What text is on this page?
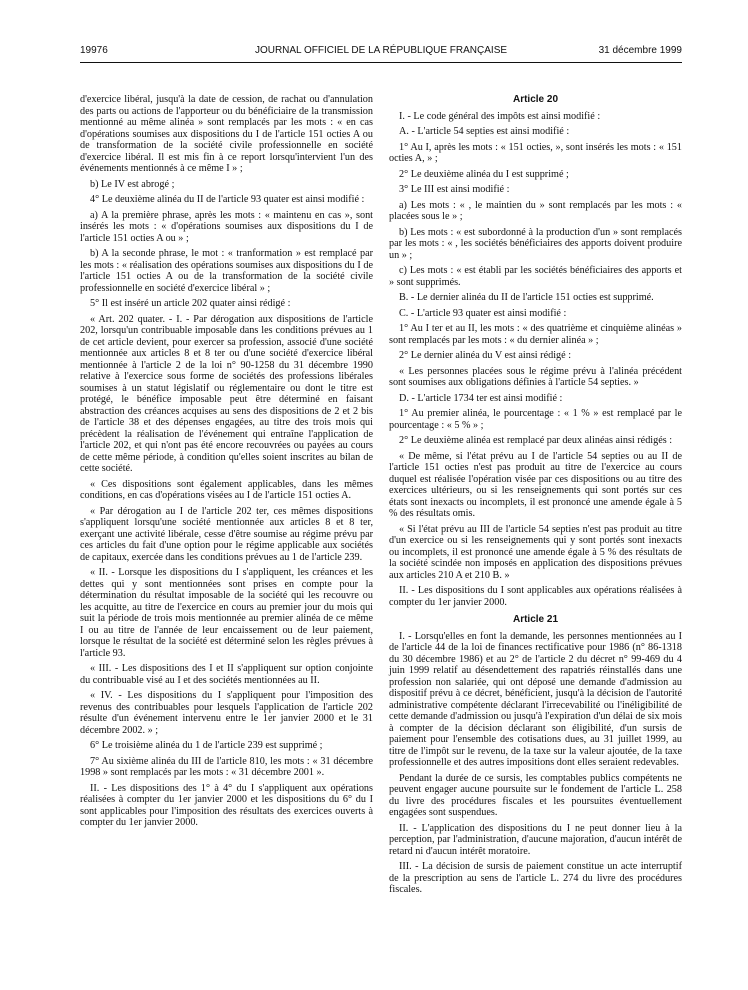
19976	JOURNAL OFFICIEL DE LA RÉPUBLIQUE FRANÇAISE	31 décembre 1999

d'exercice libéral, jusqu'à la date de cession, de rachat ou d'annulation des parts ou actions de l'apporteur ou du bénéficiaire de la transmission mentionné au même alinéa » sont remplacés par les mots : « en cas d'opérations soumises aux dispositions du I de l'article 151 octies A ou de transformation de la société civile professionnelle en société d'exercice libéral. Il est mis fin à ce report lorsqu'intervient l'un des événements mentionnés à ce même I » ;

b) Le IV est abrogé ;

4° Le deuxième alinéa du II de l'article 93 quater est ainsi modifié :

a) A la première phrase, après les mots : « maintenu en cas », sont insérés les mots : « d'opérations soumises aux dispositions du I de l'article 151 octies A ou » ;

b) A la seconde phrase, le mot : « tranformation » est remplacé par les mots : « réalisation des opérations soumises aux dispositions du I de l'article 151 octies A ou de la transformation de la société civile professionnelle en société d'exercice libéral » ;

5° Il est inséré un article 202 quater ainsi rédigé :

« Art. 202 quater. - I. - Par dérogation aux dispositions de l'article 202, lorsqu'un contribuable imposable dans les conditions prévues au 1 de cet article devient, pour exercer sa profession, associé d'une société mentionnée aux articles 8 et 8 ter ou d'une société d'exercice libéral mentionnée à l'article 2 de la loi n° 90-1258 du 31 décembre 1990 relative à l'exercice sous forme de sociétés des professions libérales soumises à un statut législatif ou réglementaire ou dont le titre est protégé, le bénéfice imposable peut être déterminé en faisant abstraction des créances acquises au sens des dispositions de 2 et 2 bis de l'article 38 et des dépenses engagées, au titre des trois mois qui précèdent la réalisation de l'événement qui entraîne l'application de l'article 202, et qui n'ont pas été encore recouvrées ou payées au cours de cette même période, à condition qu'elles soient inscrites au bilan de cette société.

« Ces dispositions sont également applicables, dans les mêmes conditions, en cas d'opérations visées au I de l'article 151 octies A.

« Par dérogation au I de l'article 202 ter, ces mêmes dispositions s'appliquent lorsqu'une société mentionnée aux articles 8 et 8 ter, exerçant une activité libérale, cesse d'être soumise au régime prévu par ces articles du fait d'une option pour le régime applicable aux sociétés de capitaux, exercée dans les conditions prévues au 1 de l'article 239.

« II. - Lorsque les dispositions du I s'appliquent, les créances et les dettes qui y sont mentionnées sont prises en compte pour la détermination du résultat imposable de la société qui les recouvre ou les acquitte, au titre de l'exercice en cours au premier jour du mois qui suit la période de trois mois mentionnée au premier alinéa de ce même I ou au titre de l'année de leur encaissement ou de leur paiement, lorsque le résultat de la société est déterminé selon les règles prévues à l'article 93.

« III. - Les dispositions des I et II s'appliquent sur option conjointe du contribuable visé au I et des sociétés mentionnées au II.

« IV. - Les dispositions du I s'appliquent pour l'imposition des revenus des contribuables pour lesquels l'application de l'article 202 résulte d'un événement intervenu entre le 1er janvier 2000 et le 31 décembre 2002. » ;

6° Le troisième alinéa du 1 de l'article 239 est supprimé ;

7° Au sixième alinéa du III de l'article 810, les mots : « 31 décembre 1998 » sont remplacés par les mots : « 31 décembre 2001 ».

II. - Les dispositions des 1° à 4° du I s'appliquent aux opérations réalisées à compter du 1er janvier 2000 et les dispositions du 6° du I sont applicables pour l'imposition des résultats des exercices ouverts à compter du 1er janvier 2000.

Article 20

I. - Le code général des impôts est ainsi modifié :

A. - L'article 54 septies est ainsi modifié :

1° Au I, après les mots : « 151 octies, », sont insérés les mots : « 151 octies A, » ;

2° Le deuxième alinéa du I est supprimé ;

3° Le III est ainsi modifié :

a) Les mots : « , le maintien du » sont remplacés par les mots : « placées sous le » ;

b) Les mots : « est subordonné à la production d'un » sont remplacés par les mots : « , les sociétés bénéficiaires des apports doivent produire un » ;

c) Les mots : « est établi par les sociétés bénéficiaires des apports et » sont supprimés.

B. - Le dernier alinéa du II de l'article 151 octies est supprimé.

C. - L'article 93 quater est ainsi modifié :

1° Au I ter et au II, les mots : « des quatrième et cinquième alinéas » sont remplacés par les mots : « du dernier alinéa » ;

2° Le dernier alinéa du V est ainsi rédigé :

« Les personnes placées sous le régime prévu à l'alinéa précédent sont soumises aux obligations définies à l'article 54 septies. »

D. - L'article 1734 ter est ainsi modifié :

1° Au premier alinéa, le pourcentage : « 1 % » est remplacé par le pourcentage : « 5 % » ;

2° Le deuxième alinéa est remplacé par deux alinéas ainsi rédigés :

« De même, si l'état prévu au I de l'article 54 septies ou au II de l'article 151 octies n'est pas produit au titre de l'exercice au cours duquel est réalisée l'opération visée par ces dispositions ou au titre des exercices ultérieurs, ou si les renseignements qui sont portés sur ces états sont inexacts ou incomplets, il est prononcé une amende égale à 5 % des résultats omis.

« Si l'état prévu au III de l'article 54 septies n'est pas produit au titre d'un exercice ou si les renseignements qui y sont portés sont inexacts ou incomplets, il est prononcé une amende égale à 5 % des résultats de la société scindée non imposés en application des dispositions prévues aux articles 210 A et 210 B. »

II. - Les dispositions du I sont applicables aux opérations réalisées à compter du 1er janvier 2000.

Article 21

I. - Lorsqu'elles en font la demande, les personnes mentionnées au I de l'article 44 de la loi de finances rectificative pour 1986 (n° 86-1318 du 30 décembre 1986) et au 2° de l'article 2 du décret n° 99-469 du 4 juin 1999 relatif au désendettement des rapatriés réinstallés dans une profession non salariée, qui ont déposé une demande d'admission au dispositif prévu à ce décret, bénéficient, jusqu'à la décision de l'autorité administrative compétente déclarant l'irrecevabilité ou l'inéligibilité de cette demande d'admission ou jusqu'à l'expiration d'un délai de six mois à compter de la décision déclarant son éligibilité, d'un sursis de paiement pour l'ensemble des cotisations dues, au 31 juillet 1999, au titre de l'impôt sur le revenu, de la taxe sur la valeur ajoutée, de la taxe professionnelle et des autres impositions dont elles seraient redevables.

Pendant la durée de ce sursis, les comptables publics compétents ne peuvent engager aucune poursuite sur le fondement de l'article L. 258 du livre des procédures fiscales et les poursuites éventuellement engagées sont suspendues.

II. - L'application des dispositions du I ne peut donner lieu à la perception, par l'administration, d'aucune majoration, d'aucun intérêt de retard ni d'aucun intérêt moratoire.

III. - La décision de sursis de paiement constitue un acte interruptif de la prescription au sens de l'article L. 274 du livre des procédures fiscales.
